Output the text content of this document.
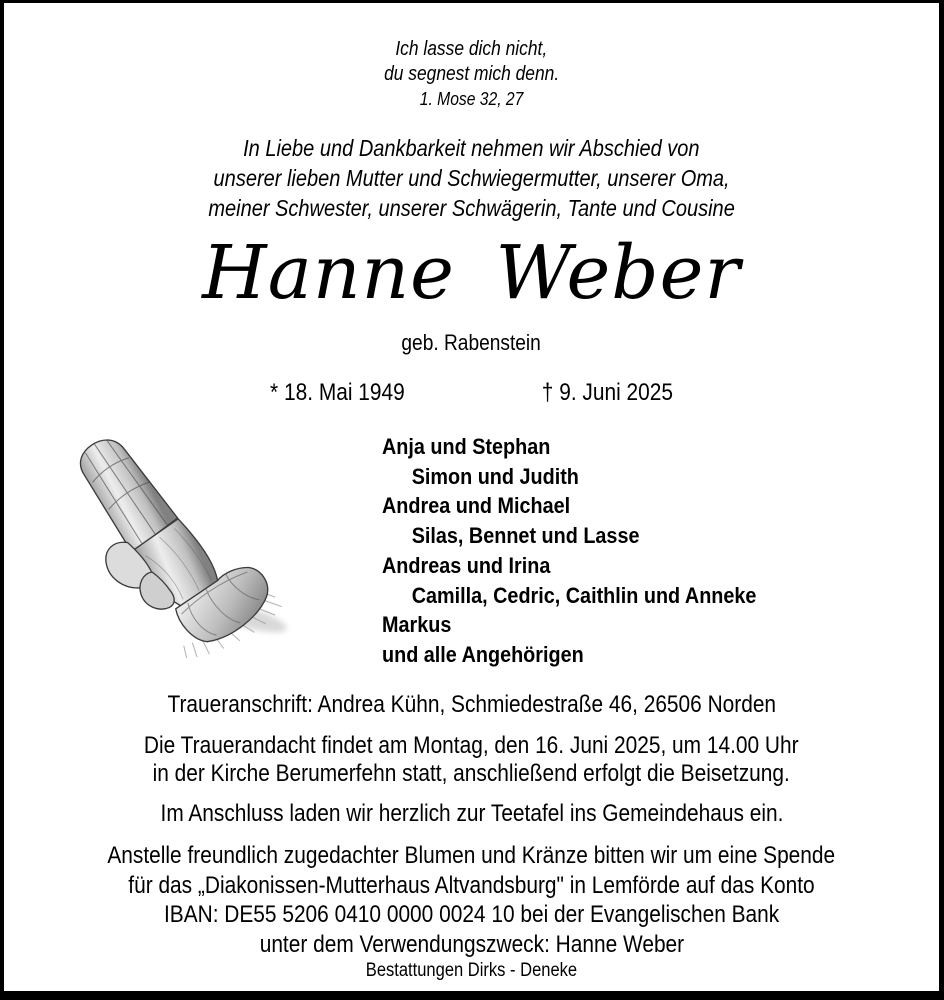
Ich lasse dich nicht,
du segnest mich denn.
1. Mose 32, 27
In Liebe und Dankbarkeit nehmen wir Abschied von
unserer lieben Mutter und Schwiegermutter, unserer Oma,
meiner Schwester, unserer Schwägerin, Tante und Cousine
Hanne Weber
geb. Rabenstein
* 18. Mai 1949	† 9. Juni 2025
Anja und Stephan
Simon und Judith
Andrea und Michael
Silas, Bennet und Lasse
Andreas und Irina
Camilla, Cedric, Caithlin und Anneke
Markus
und alle Angehörigen
Traueranschrift: Andrea Kühn, Schmiedestraße 46, 26506 Norden
Die Trauerandacht findet am Montag, den 16. Juni 2025, um 14.00 Uhr
in der Kirche Berumerfehn statt, anschließend erfolgt die Beisetzung.
Im Anschluss laden wir herzlich zur Teetafel ins Gemeindehaus ein.
Anstelle freundlich zugedachter Blumen und Kränze bitten wir um eine Spende
für das „Diakonissen-Mutterhaus Altvandsburg" in Lemförde auf das Konto
IBAN: DE55 5206 0410 0000 0024 10 bei der Evangelischen Bank
unter dem Verwendungszweck: Hanne Weber
Bestattungen Dirks - Deneke
